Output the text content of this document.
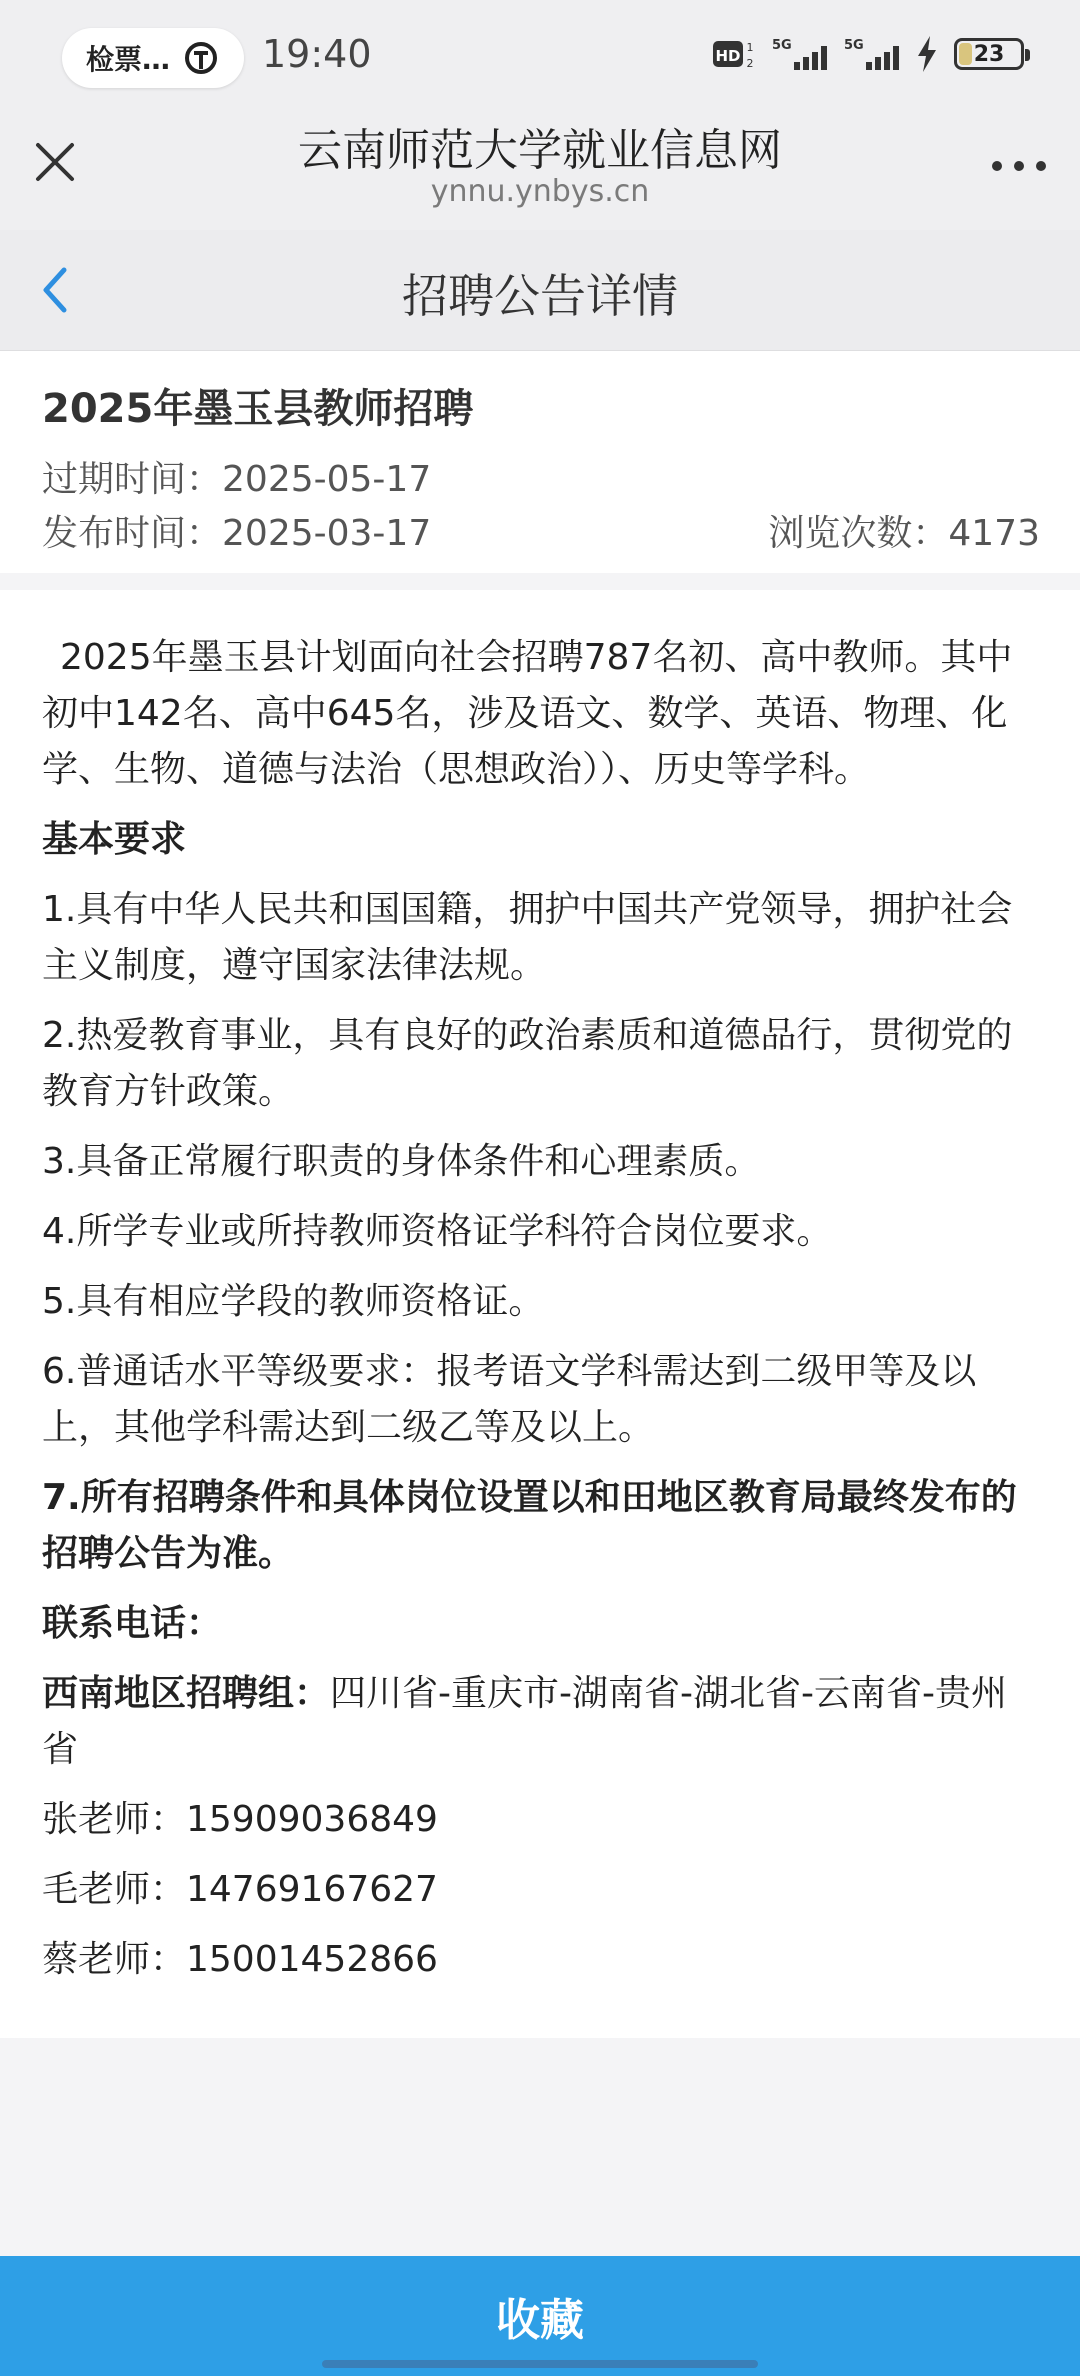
检票… 19:40	HD 1
2
5G	5G	23
云南师范大学就业信息网
ynnu.ynbys.cn
招聘公告详情
2025年墨玉县教师招聘
过期时间：2025-05-17
发布时间：2025-03-17	浏览次数：4173

2025年墨玉县计划面向社会招聘787名初、高中教师。其中初中142名、高中645名，涉及语文、数学、英语、物理、化学、生物、道德与法治（思想政治））、历史等学科。

基本要求

1.具有中华人民共和国国籍，拥护中国共产党领导，拥护社会主义制度，遵守国家法律法规。

2.热爱教育事业，具有良好的政治素质和道德品行，贯彻党的教育方针政策。

3.具备正常履行职责的身体条件和心理素质。

4.所学专业或所持教师资格证学科符合岗位要求。

5.具有相应学段的教师资格证。

6.普通话水平等级要求：报考语文学科需达到二级甲等及以上，其他学科需达到二级乙等及以上。

7.所有招聘条件和具体岗位设置以和田地区教育局最终发布的招聘公告为准。

联系电话：

西南地区招聘组：四川省-重庆市-湖南省-湖北省-云南省-贵州省

张老师：15909036849

毛老师：14769167627

蔡老师：15001452866

收藏
